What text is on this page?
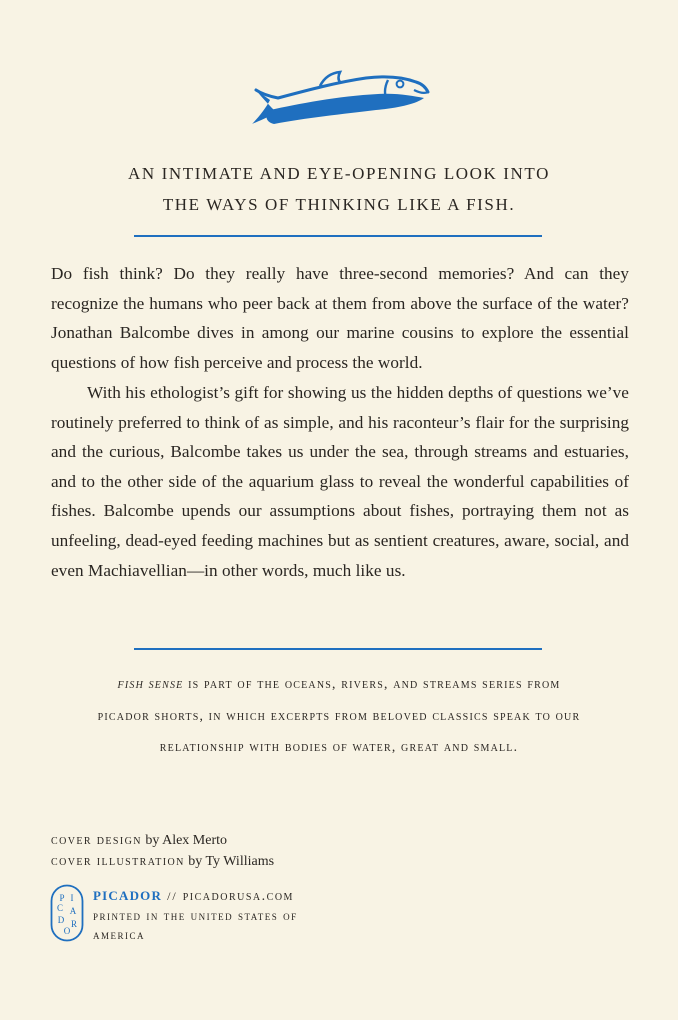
AN INTIMATE AND EYE-OPENING LOOK INTO
THE WAYS OF THINKING LIKE A FISH.

Do fish think? Do they really have three-second memories? And can they recognize the humans who peer back at them from above the surface of the water? Jonathan Balcombe dives in among our marine cousins to explore the essential questions of how fish perceive and process the world.

With his ethologist’s gift for showing us the hidden depths of questions we’ve routinely preferred to think of as simple, and his raconteur’s flair for the surprising and the curious, Balcombe takes us under the sea, through streams and estuaries, and to the other side of the aquarium glass to reveal the wonderful capabilities of fishes. Balcombe upends our assumptions about fishes, portraying them not as unfeeling, dead-eyed feeding machines but as sentient creatures, aware, social, and even Machiavellian—in other words, much like us.

fish sense is part of the oceans, rivers, and streams series from
picador shorts, in which excerpts from beloved classics speak to our
relationship with bodies of water, great and small.
cover design by Alex Merto
cover illustration by Ty Williams
P I
C A
D
O
R
PICADOR // picadorusa.com
printed in the united states of
america
